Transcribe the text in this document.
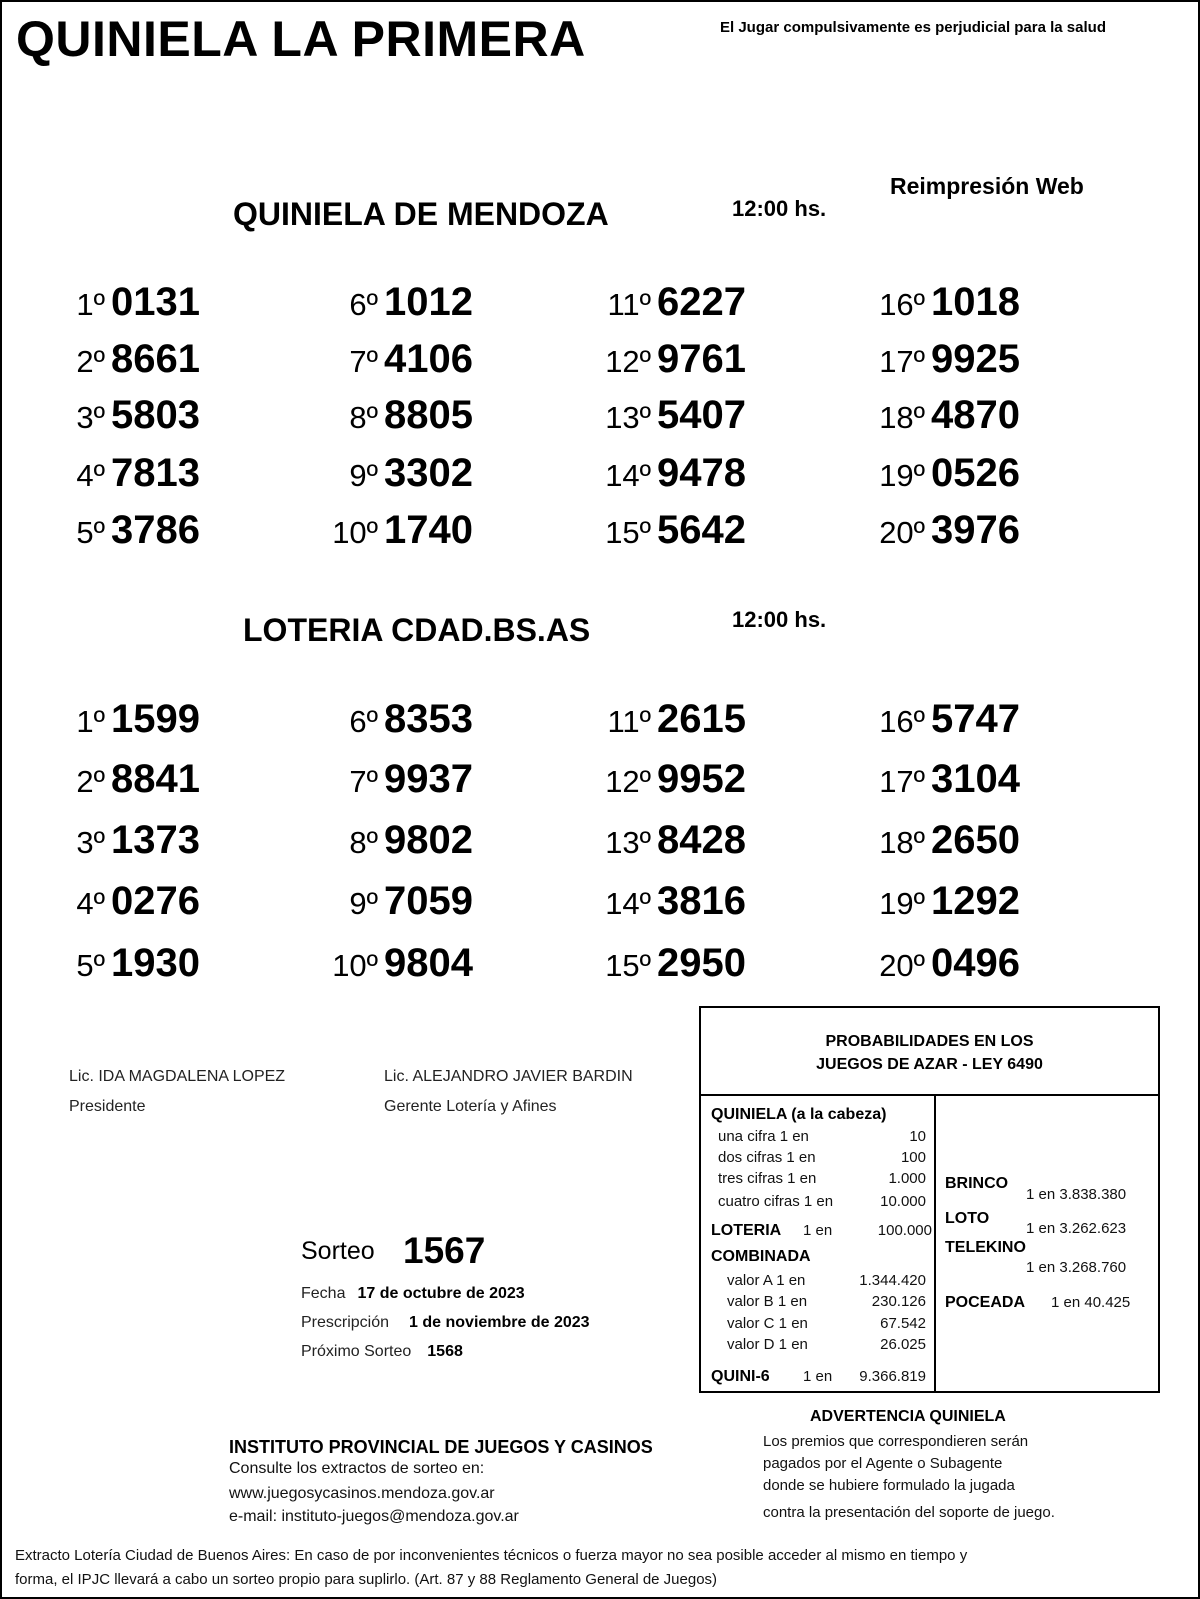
QUINIELA LA PRIMERA	El Jugar compulsivamente es perjudicial para la salud
Reimpresión Web
QUINIELA DE MENDOZA	12:00 hs.
1º 0131
2º 8661
3º 5803
4º 7813
5º 3786
6º 1012
7º 4106
8º 8805
9º 3302
10º 1740
11º 6227
12º 9761
13º 5407
14º 9478
15º 5642
16º 1018
17º 9925
18º 4870
19º 0526
20º 3976
LOTERIA CDAD.BS.AS	12:00 hs.
1º 1599
2º 8841
3º 1373
4º 0276
5º 1930
6º 8353
7º 9937
8º 9802
9º 7059
10º 9804
11º 2615
12º 9952
13º 8428
14º 3816
15º 2950
16º 5747
17º 3104
18º 2650
19º 1292
20º 0496
Lic. IDA MAGDALENA LOPEZ
Presidente
Lic. ALEJANDRO JAVIER BARDIN
Gerente Lotería y Afines
Sorteo 1567
Fecha 17 de octubre de 2023
Prescripción 1 de noviembre de 2023
Próximo Sorteo 1568
PROBABILIDADES EN LOS
JUEGOS DE AZAR - LEY 6490
QUINIELA (a la cabeza)
una cifra 1 en	10
dos cifras 1 en	100
tres cifras 1 en	1.000
cuatro cifras 1 en	10.000
LOTERIA 1 en	100.000
COMBINADA
valor A 1 en	1.344.420
valor B 1 en	230.126
valor C 1 en	67.542
valor D 1 en	26.025
QUINI-6 1 en	9.366.819
BRINCO
1 en 3.838.380
LOTO
1 en 3.262.623
TELEKINO
1 en 3.268.760
POCEADA 1 en 40.425
ADVERTENCIA QUINIELA
Los premios que correspondieren serán
pagados por el Agente o Subagente
donde se hubiere formulado la jugada
contra la presentación del soporte de juego.
INSTITUTO PROVINCIAL DE JUEGOS Y CASINOS
Consulte los extractos de sorteo en:
www.juegosycasinos.mendoza.gov.ar
e-mail: instituto-juegos@mendoza.gov.ar
Extracto Lotería Ciudad de Buenos Aires: En caso de por inconvenientes técnicos o fuerza mayor no sea posible acceder al mismo en tiempo y
forma, el IPJC llevará a cabo un sorteo propio para suplirlo. (Art. 87 y 88 Reglamento General de Juegos)
